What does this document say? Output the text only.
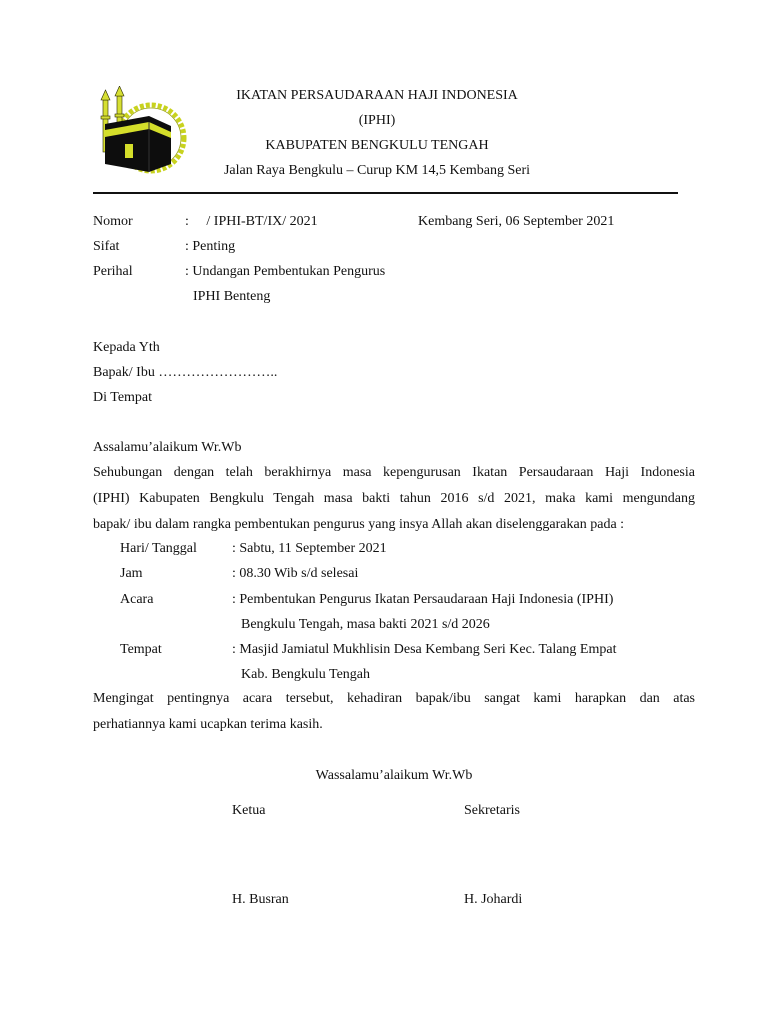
IKATAN PERSAUDARAAN HAJI INDONESIA
(IPHI)
KABUPATEN BENGKULU TENGAH
Jalan Raya Bengkulu – Curup KM 14,5 Kembang Seri
Nomor	:     / IPHI-BT/IX/ 2021	Kembang Seri, 06 September 2021
Sifat	: Penting
Perihal	: Undangan Pembentukan Pengurus
IPHI Benteng
Kepada Yth
Bapak/ Ibu ……………………..
Di Tempat
Assalamu’alaikum Wr.Wb
Sehubungan dengan telah berakhirnya masa kepengurusan Ikatan Persaudaraan Haji Indonesia
(IPHI) Kabupaten Bengkulu Tengah masa bakti tahun 2016 s/d 2021, maka kami mengundang
bapak/ ibu dalam rangka pembentukan pengurus yang insya Allah akan diselenggarakan pada :
Hari/ Tanggal	: Sabtu, 11 September 2021
Jam	: 08.30 Wib s/d selesai
Acara	: Pembentukan Pengurus Ikatan Persaudaraan Haji Indonesia (IPHI)
Bengkulu Tengah, masa bakti 2021 s/d 2026
Tempat	: Masjid Jamiatul Mukhlisin Desa Kembang Seri Kec. Talang Empat
Kab. Bengkulu Tengah
Mengingat pentingnya acara tersebut, kehadiran bapak/ibu sangat kami harapkan dan atas
perhatiannya kami ucapkan terima kasih.
Wassalamu’alaikum Wr.Wb
Ketua	Sekretaris
H. Busran	H. Johardi
